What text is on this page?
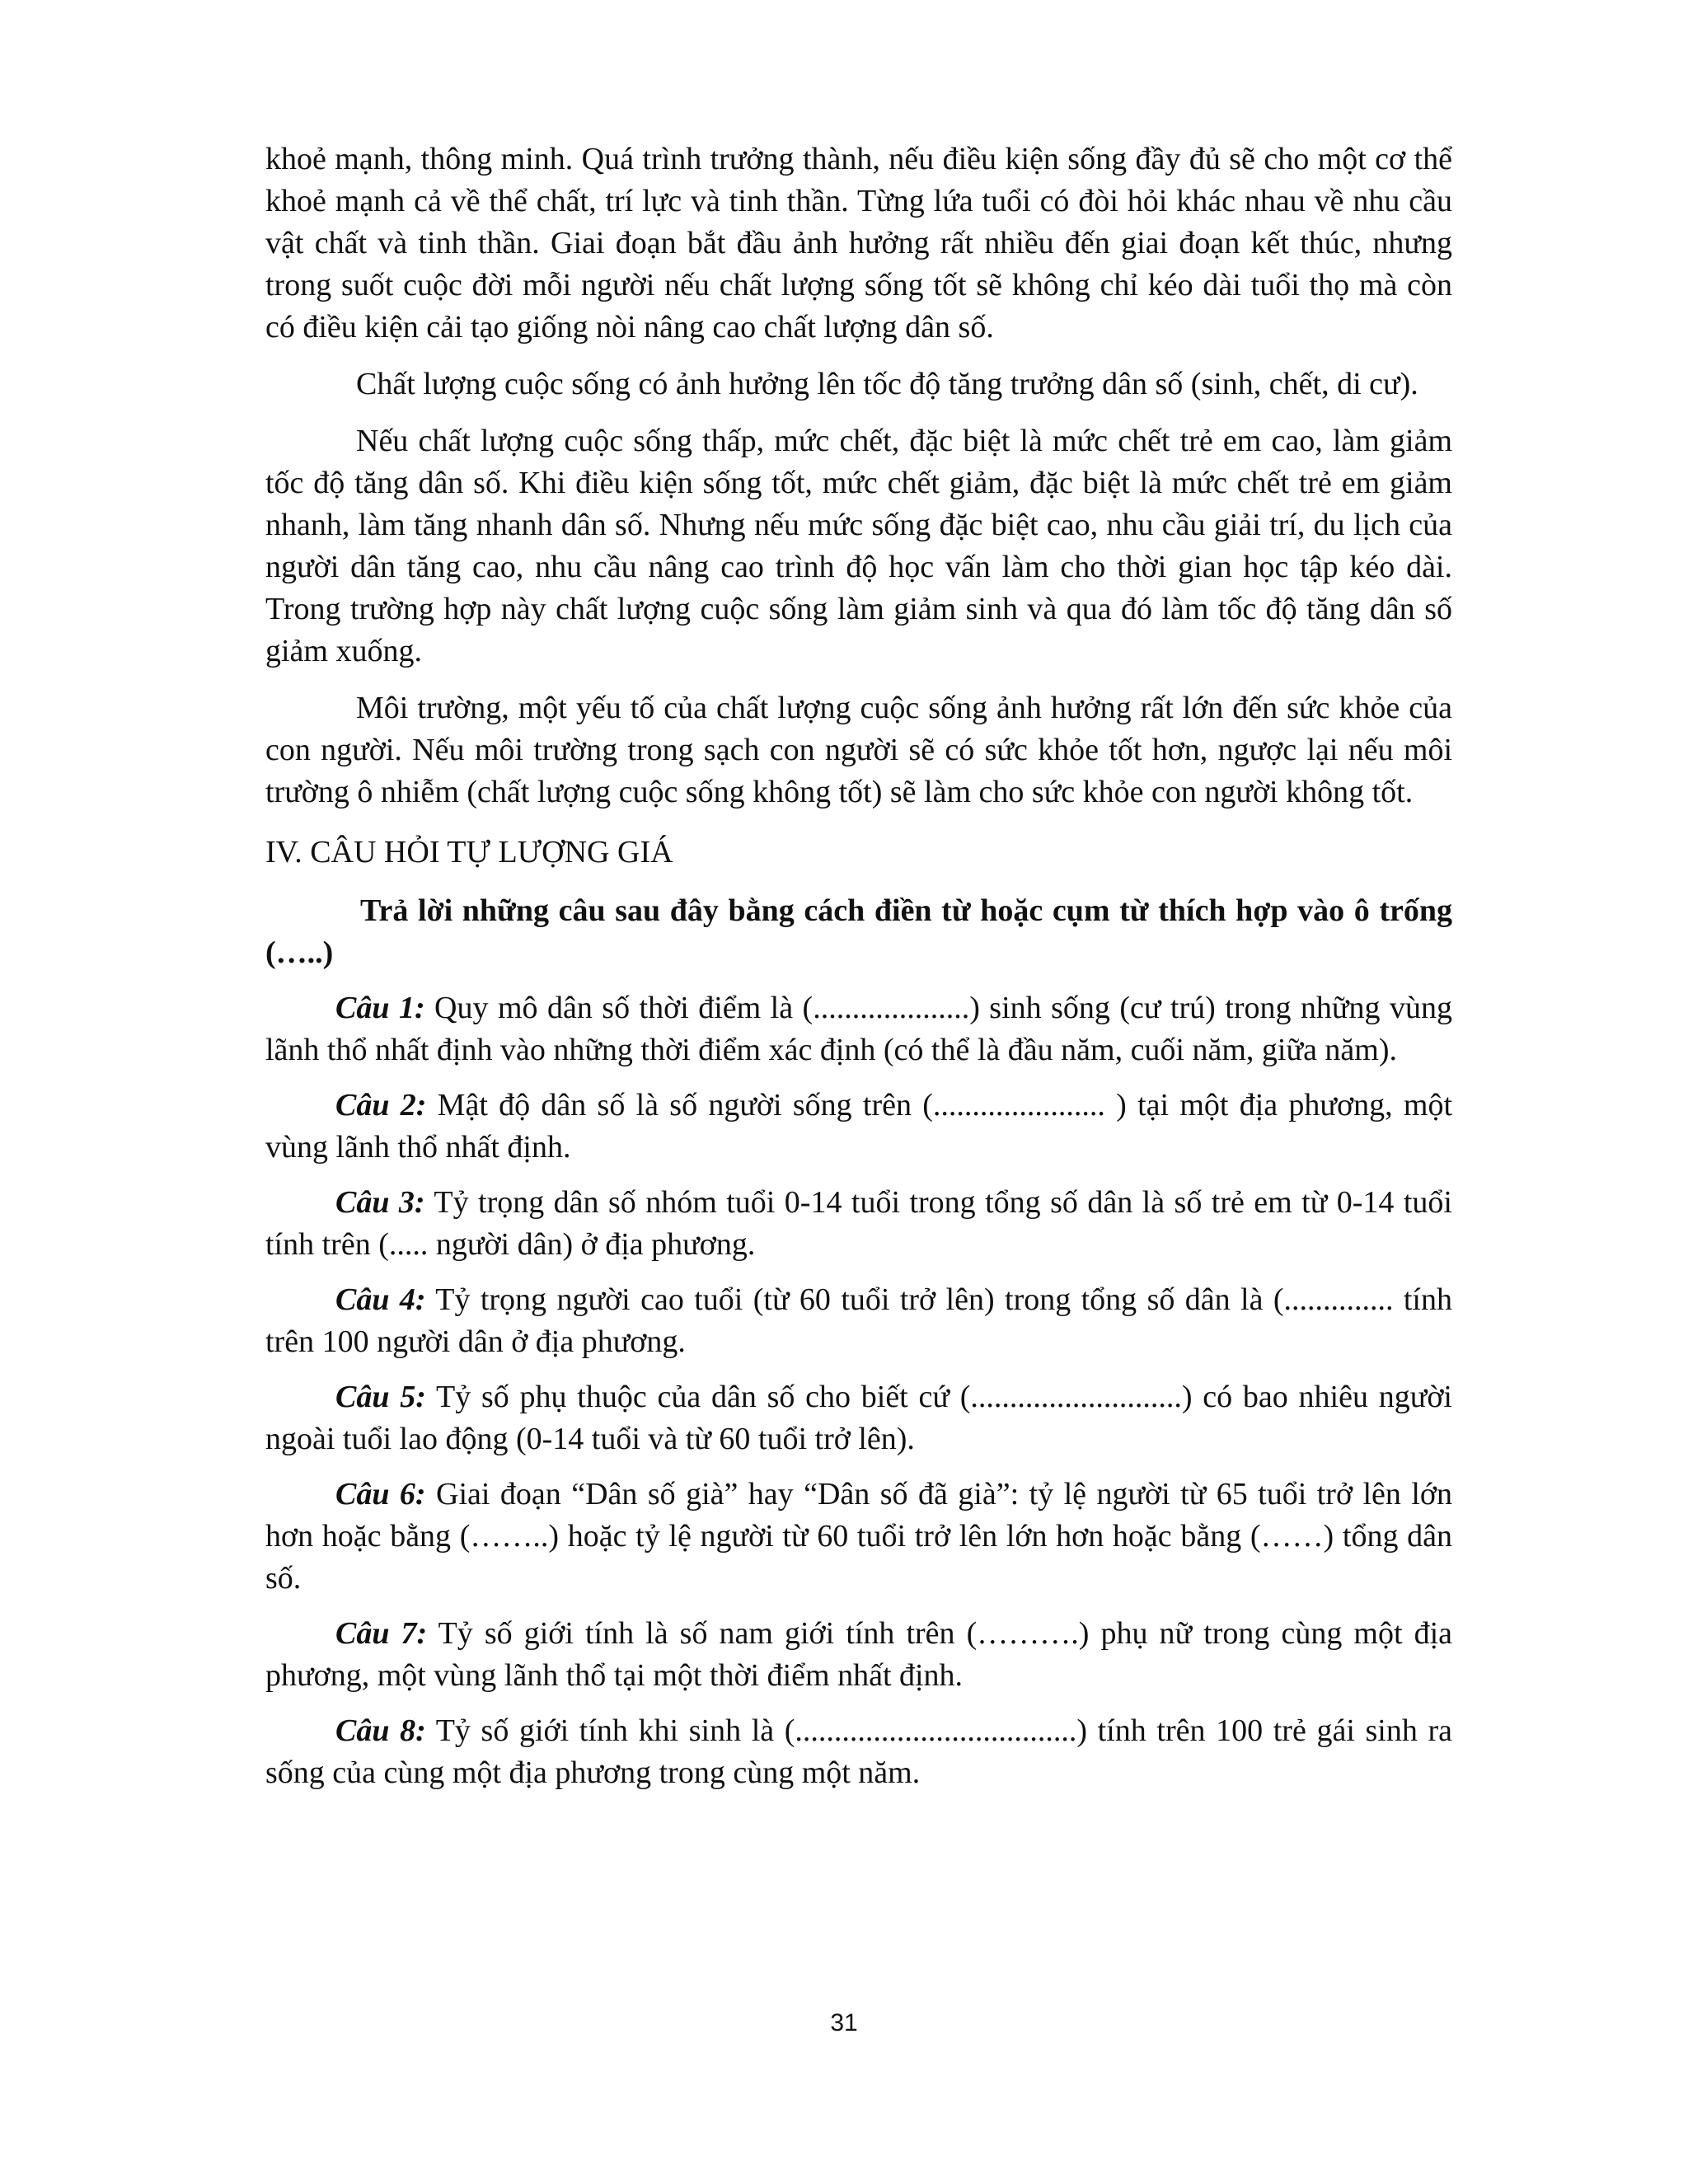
khoẻ mạnh, thông minh. Quá trình trưởng thành, nếu điều kiện sống đầy đủ sẽ cho một cơ thể khoẻ mạnh cả về thể chất, trí lực và tinh thần. Từng lứa tuổi có đòi hỏi khác nhau về nhu cầu vật chất và tinh thần. Giai đoạn bắt đầu ảnh hưởng rất nhiều đến giai đoạn kết thúc, nhưng trong suốt cuộc đời mỗi người nếu chất lượng sống tốt sẽ không chỉ kéo dài tuổi thọ mà còn có điều kiện cải tạo giống nòi nâng cao chất lượng dân số.

Chất lượng cuộc sống có ảnh hưởng lên tốc độ tăng trưởng dân số (sinh, chết, di cư).

Nếu chất lượng cuộc sống thấp, mức chết, đặc biệt là mức chết trẻ em cao, làm giảm tốc độ tăng dân số. Khi điều kiện sống tốt, mức chết giảm, đặc biệt là mức chết trẻ em giảm nhanh, làm tăng nhanh dân số. Nhưng nếu mức sống đặc biệt cao, nhu cầu giải trí, du lịch của người dân tăng cao, nhu cầu nâng cao trình độ học vấn làm cho thời gian học tập kéo dài. Trong trường hợp này chất lượng cuộc sống làm giảm sinh và qua đó làm tốc độ tăng dân số giảm xuống.

Môi trường, một yếu tố của chất lượng cuộc sống ảnh hưởng rất lớn đến sức khỏe của con người. Nếu môi trường trong sạch con người sẽ có sức khỏe tốt hơn, ngược lại nếu môi trường ô nhiễm (chất lượng cuộc sống không tốt) sẽ làm cho sức khỏe con người không tốt.

IV. CÂU HỎI TỰ LƯỢNG GIÁ

Trả lời những câu sau đây bằng cách điền từ hoặc cụm từ thích hợp vào ô trống (…..)

Câu 1: Quy mô dân số thời điểm là (....................) sinh sống (cư trú) trong những vùng lãnh thổ nhất định vào những thời điểm xác định (có thể là đầu năm, cuối năm, giữa năm).

Câu 2: Mật độ dân số là số người sống trên (...................... ) tại một địa phương, một vùng lãnh thổ nhất định.

Câu 3: Tỷ trọng dân số nhóm tuổi 0-14 tuổi trong tổng số dân là số trẻ em từ 0-14 tuổi tính trên (..... người dân) ở địa phương.

Câu 4: Tỷ trọng người cao tuổi (từ 60 tuổi trở lên) trong tổng số dân là (.............. tính trên 100 người dân ở địa phương.

Câu 5: Tỷ số phụ thuộc của dân số cho biết cứ (...........................) có bao nhiêu người ngoài tuổi lao động (0-14 tuổi và từ 60 tuổi trở lên).

Câu 6: Giai đoạn “Dân số già” hay “Dân số đã già”: tỷ lệ người từ 65 tuổi trở lên lớn hơn hoặc bằng (……..) hoặc tỷ lệ người từ 60 tuổi trở lên lớn hơn hoặc bằng (……) tổng dân số.

Câu 7: Tỷ số giới tính là số nam giới tính trên (……….) phụ nữ trong cùng một địa phương, một vùng lãnh thổ tại một thời điểm nhất định.

Câu 8: Tỷ số giới tính khi sinh là (....................................) tính trên 100 trẻ gái sinh ra sống của cùng một địa phương trong cùng một năm.

31
